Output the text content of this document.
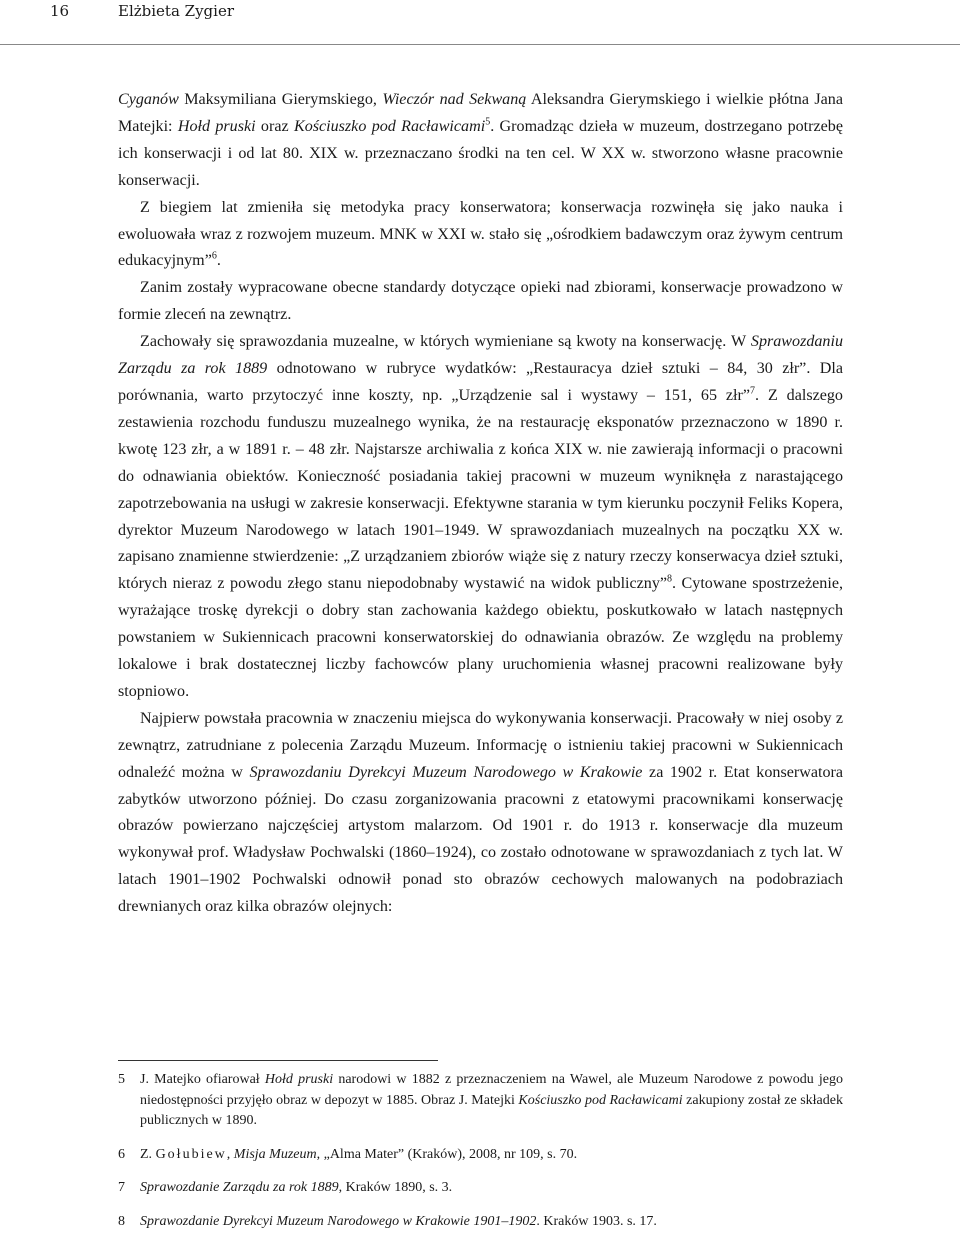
16	Elżbieta Zygier

Cyganów Maksymiliana Gierymskiego, Wieczór nad Sekwaną Aleksandra Gierymskiego i wielkie płótna Jana Matejki: Hołd pruski oraz Kościuszko pod Racławicami$^5$. Gromadząc dzieła w muzeum, dostrzegano potrzebę ich konserwacji i od lat 80. XIX w. przeznaczano środki na ten cel. W XX w. stworzono własne pracownie konserwacji.

Z biegiem lat zmieniła się metodyka pracy konserwatora; konserwacja rozwinęła się jako nauka i ewoluowała wraz z rozwojem muzeum. MNK w XXI w. stało się „ośrodkiem badawczym oraz żywym centrum edukacyjnym”$^6$.

Zanim zostały wypracowane obecne standardy dotyczące opieki nad zbiorami, konserwacje prowadzono w formie zleceń na zewnątrz.

Zachowały się sprawozdania muzealne, w których wymieniane są kwoty na konserwację. W Sprawozdaniu Zarządu za rok 1889 odnotowano w rubryce wydatków: „Restauracya dzieł sztuki – 84, 30 złr”. Dla porównania, warto przytoczyć inne koszty, np. „Urządzenie sal i wystawy – 151, 65 złr”$^7$. Z dalszego zestawienia rozchodu funduszu muzealnego wynika, że na restaurację eksponatów przeznaczono w 1890 r. kwotę 123 złr, a w 1891 r. – 48 złr. Najstarsze archiwalia z końca XIX w. nie zawierają informacji o pracowni do odnawiania obiektów. Konieczność posiadania takiej pracowni w muzeum wyniknęła z narastającego zapotrzebowania na usługi w zakresie konserwacji. Efektywne starania w tym kierunku poczynił Feliks Kopera, dyrektor Muzeum Narodowego w latach 1901–1949. W sprawozdaniach muzealnych na początku XX w. zapisano znamienne stwierdzenie: „Z urządzaniem zbiorów wiąże się z natury rzeczy konserwacya dzieł sztuki, których nieraz z powodu złego stanu niepodobnaby wystawić na widok publiczny”$^8$. Cytowane spostrzeżenie, wyrażające troskę dyrekcji o dobry stan zachowania każdego obiektu, poskutkowało w latach następnych powstaniem w Sukiennicach pracowni konserwatorskiej do odnawiania obrazów. Ze względu na problemy lokalowe i brak dostatecznej liczby fachowców plany uruchomienia własnej pracowni realizowane były stopniowo.

Najpierw powstała pracownia w znaczeniu miejsca do wykonywania konserwacji. Pracowały w niej osoby z zewnątrz, zatrudniane z polecenia Zarządu Muzeum. Informację o istnieniu takiej pracowni w Sukiennicach odnaleźć można w Sprawozdaniu Dyrekcyi Muzeum Narodowego w Krakowie za 1902 r. Etat konserwatora zabytków utworzono później. Do czasu zorganizowania pracowni z etatowymi pracownikami konserwację obrazów powierzano najczęściej artystom malarzom. Od 1901 r. do 1913 r. konserwacje dla muzeum wykonywał prof. Władysław Pochwalski (1860–1924), co zostało odnotowane w sprawozdaniach z tych lat. W latach 1901–1902 Pochwalski odnowił ponad sto obrazów cechowych malowanych na podobraziach drewnianych oraz kilka obrazów olejnych:

5 J. Matejko ofiarował Hołd pruski narodowi w 1882 z przeznaczeniem na Wawel, ale Muzeum Narodowe z powodu jego niedostępności przyjęło obraz w depozyt w 1885. Obraz J. Matejki Kościuszko pod Racławicami zakupiony został ze składek publicznych w 1890.
6 Z. Gołubiew, Misja Muzeum, „Alma Mater” (Kraków), 2008, nr 109, s. 70.
7 Sprawozdanie Zarządu za rok 1889, Kraków 1890, s. 3.
8 Sprawozdanie Dyrekcyi Muzeum Narodowego w Krakowie 1901–1902. Kraków 1903. s. 17.
